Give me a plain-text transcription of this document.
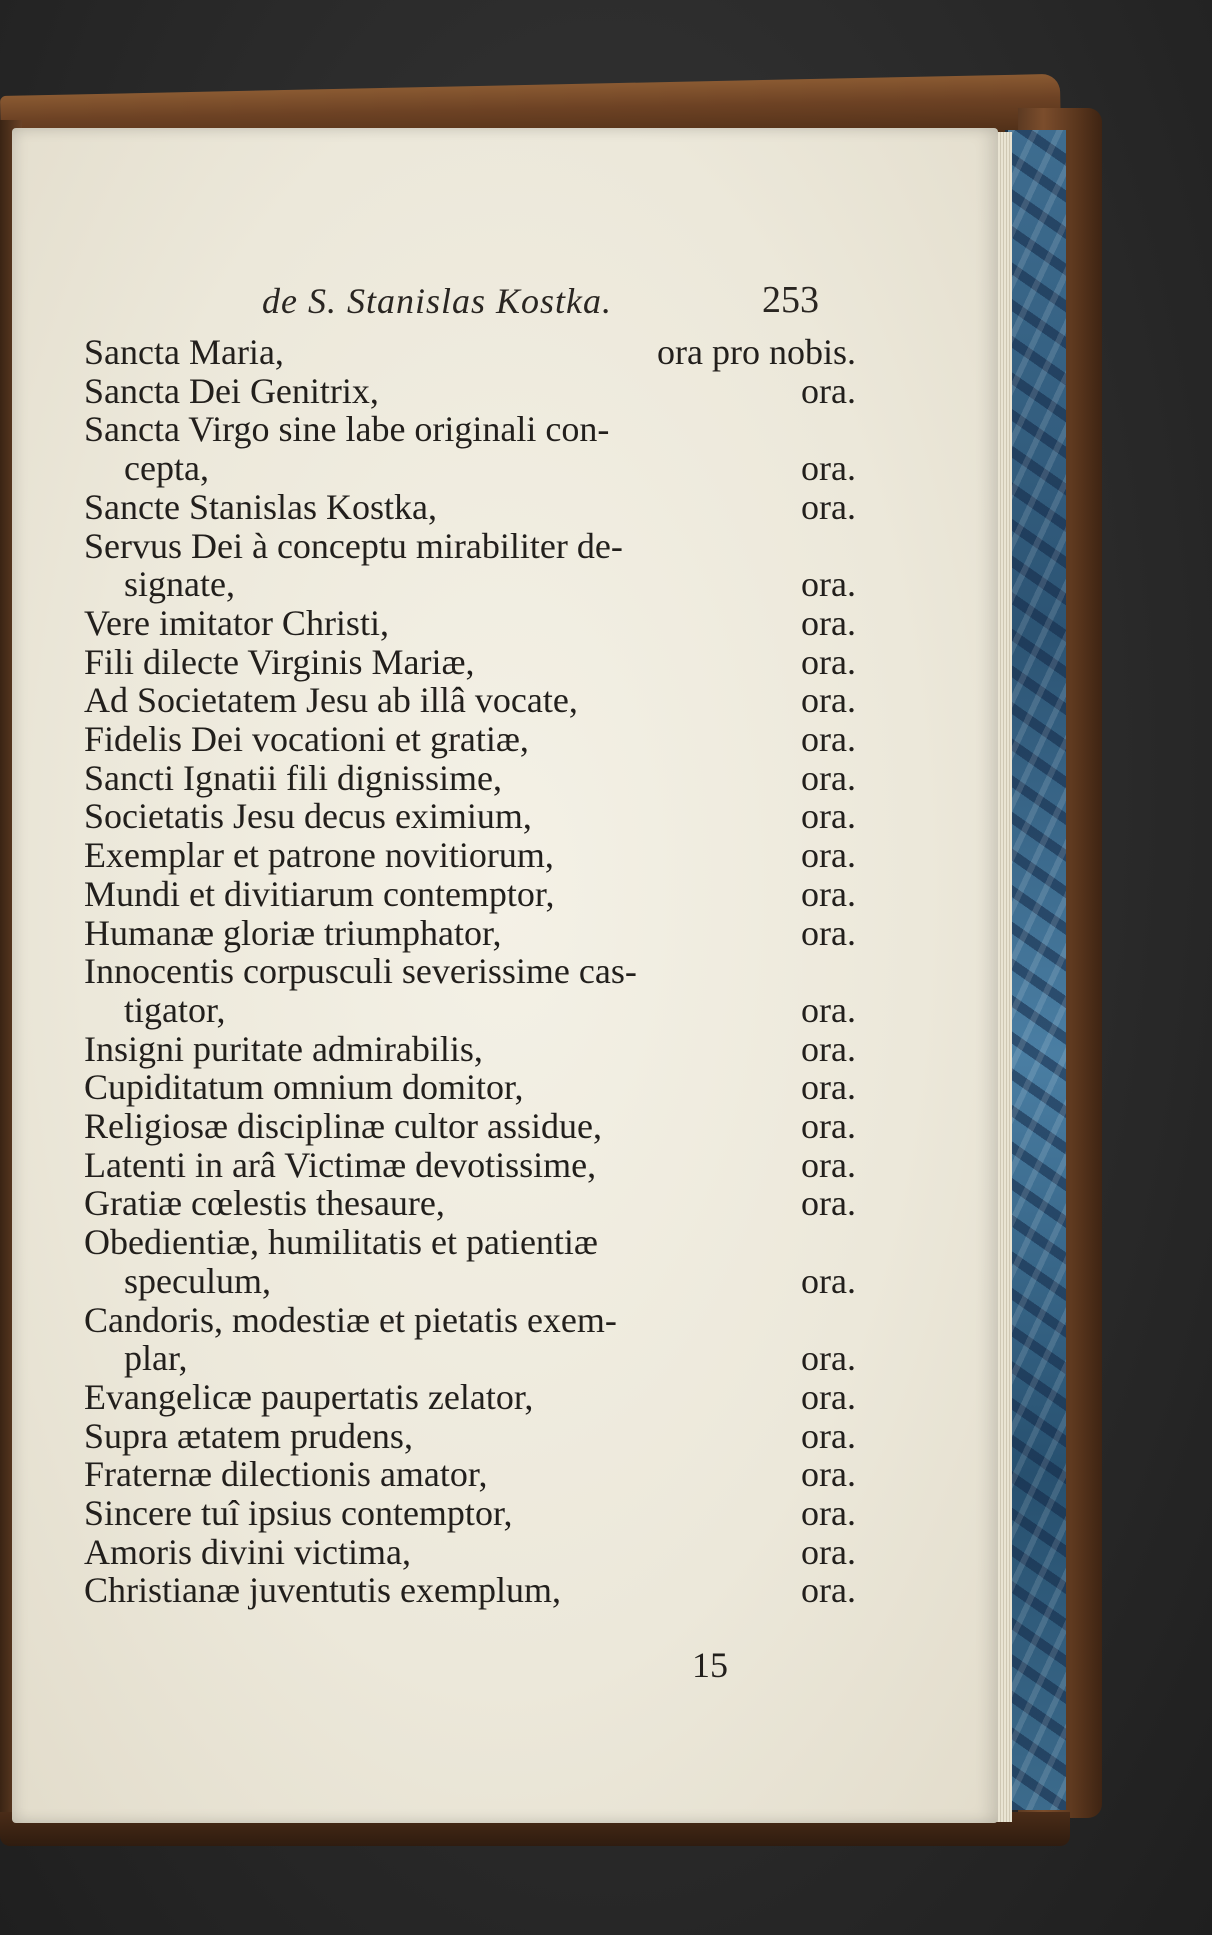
de S. Stanislas Kostka.	253
Sancta Maria,	ora pro nobis.
Sancta Dei Genitrix,	ora.
Sancta Virgo sine labe originali con-
cepta,	ora.
Sancte Stanislas Kostka,	ora.
Servus Dei à conceptu mirabiliter de-
signate,	ora.
Vere imitator Christi,	ora.
Fili dilecte Virginis Mariæ,	ora.
Ad Societatem Jesu ab illâ vocate,	ora.
Fidelis Dei vocationi et gratiæ,	ora.
Sancti Ignatii fili dignissime,	ora.
Societatis Jesu decus eximium,	ora.
Exemplar et patrone novitiorum,	ora.
Mundi et divitiarum contemptor,	ora.
Humanæ gloriæ triumphator,	ora.
Innocentis corpusculi severissime cas-
tigator,	ora.
Insigni puritate admirabilis,	ora.
Cupiditatum omnium domitor,	ora.
Religiosæ disciplinæ cultor assidue,	ora.
Latenti in arâ Victimæ devotissime,	ora.
Gratiæ cœlestis thesaure,	ora.
Obedientiæ, humilitatis et patientiæ
speculum,	ora.
Candoris, modestiæ et pietatis exem-
plar,	ora.
Evangelicæ paupertatis zelator,	ora.
Supra ætatem prudens,	ora.
Fraternæ dilectionis amator,	ora.
Sincere tuî ipsius contemptor,	ora.
Amoris divini victima,	ora.
Christianæ juventutis exemplum,	ora.
15
